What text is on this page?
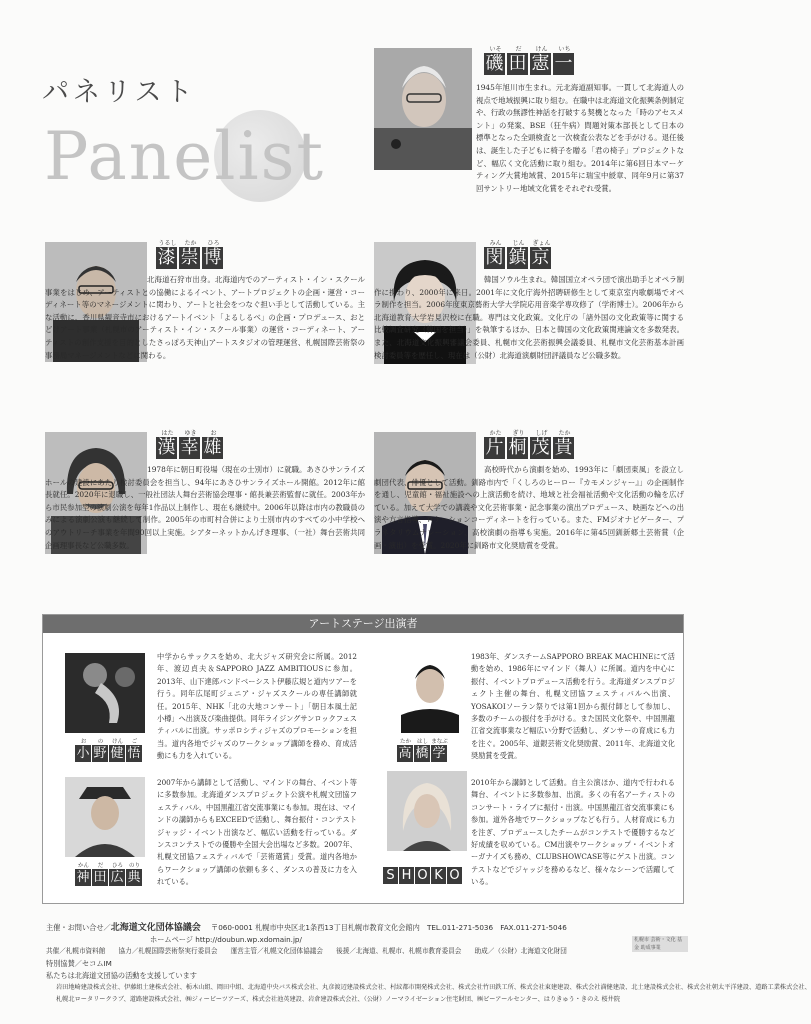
パネリスト
Panelist
いそ	だ	けん	いち
磯 田 憲 一
1945年旭川市生まれ。元北海道副知事。一貫して北海道人の視点で地域振興に取り組む。在職中は北海道文化振興条例制定や、行政の無謬性神話を打破する契機となった「時のアセスメント」の発案、BSE（狂牛病）問題対策本部長として日本の標準となった全頭検査と一次検査公表などを手がける。退任後は、誕生した子どもに椅子を贈る「君の椅子」プロジェクトなど、幅広く文化活動に取り組む。2014年に第6回日本マーケティング大賞地域賞、2015年に瑞宝中綬章、同年9月に第37回サントリー地域文化賞をそれぞれ受賞。
うるし	たか	ひろ
漆 崇 博
北海道石狩市出身。北海道内でのアーティスト・イン・スクール事業をはじめ、アーティストとの協働によるイベント、アートプロジェクトの企画・運営・コーディネート等のマネージメントに関わり、アートと社会をつなぐ担い手として活動している。主な活動に、香川県観音寺市におけるアートイベント「よるしるべ」の企画・プロデュース、おとどけアート事業（札幌市のアーティスト・イン・スクール事業）の運営・コーディネート、アーティストの創作支援を目的としたさっぽろ天神山アートスタジオの管理運営、札幌国際芸術祭の事務局マネージメントなどに関わる。
みん	じん	ぎょん
閔 鎮 京
韓国ソウル生まれ。韓国国立オペラ団で演出助手とオペラ制作に携わり、2000年に来日。2001年に文化庁海外招聘研修生として東京室内歌劇場でオペラ制作を担当。2006年度東京藝術大学大学院応用音楽学専攻修了（学術博士）。2006年から北海道教育大学岩見沢校に在職。専門は文化政策。文化庁の「諸外国の文化政策等に関する比較調査研究（韓国を担当）」を執筆するほか、日本と韓国の文化政策関連論文を多数発表。また、北海道文化振興審議会委員、札幌市文化芸術振興会議委員、札幌市文化芸術基本計画検討委員等を歴任し、現在は（公財）北海道演劇財団評議員など公職多数。
はた	ゆき	お
漢 幸 雄
1978年に朝日町役場（現在の士別市）に就職。あさひサンライズホールの建設にあたり検討委員会を担当し、94年にあさひサンライズホール開館。2012年に館長就任。2020年に退職し、一般社団法人舞台芸術協会理事・館長兼芸術監督に就任。2003年から市民参加型の演劇公演を毎年1作品以上制作し、現在も継続中。2006年以降は市内の教職員のみによる演劇公演も継続して制作。2005年の市町村合併により士別市内のすべての小中学校へのアウトリーチ事業を年間90回以上実施。シアターネットかんげき理事、（一社）舞台芸術共同企画理事長など公職多数。
かた	ぎり	しげ	たか
片 桐 茂 貴
高校時代から演劇を始め、1993年に「劇団東風」を設立し劇団代表、俳優として活動。釧路市内で「くしろのヒーロー『カモメンジャー』」の企画制作を通し、児童館・福祉施設への上演活動を続け、地域と社会福祉活動や文化活動の輪を広げている。加えて大学での講義や文化芸術事業・記念事業の演出プロデュース、映画などへの出演や方言指導、ロケーションコーディネートを行っている。また、FMジオナビゲーター、プラネタリウムナレーション、高校演劇の指導も実施。2016年に第45回釧新郷土芸術賞（企画・演出）を受賞。2020年に釧路市文化奨励賞を受賞。
アートステージ出演者
お	の	けん	ご
小 野 健 悟
中学からサックスを始め、北大ジャズ研究会に所属。2012年、渡辺貞夫＆SAPPORO JAZZ AMBITIOUSに参加。2013年、山下達郎バンドベーシスト伊藤広規と道内ツアーを行う。同年広尾町ジュニア・ジャズスクールの専任講師就任。2015年、NHK「北の大地コンサート」「朝日本風土記　小樽」へ出演及び楽曲提供。同年ライジングサンロックフェスティバルに出演。サッポロシティジャズのプロモーションを担当。道内各地でジャズのワークショップ講師を務め、育成活動にも力を入れている。
たか	はし まなぶ
高 橋 学
1983年、ダンスチームSAPPORO BREAK MACHINEにて活動を始め、1986年にマインド（舞人）に所属。道内を中心に振付、イベントプロデュース活動を行う。北海道ダンスプロジェクト主催の舞台、札幌文団協フェスティバルへ出演、YOSAKOIソーラン祭りでは第1回から振付師として参加し、多数のチームの振付を手がける。また国民文化祭や、中国黒龍江省交流事業など幅広い分野で活動し、ダンサーの育成にも力を注ぐ。2005年、道銀芸術文化奨励賞、2011年、北海道文化奨励賞を受賞。
かん	だ	ひろ	のり
神 田 広 典
2007年から講師として活動し、マインドの舞台、イベント等に多数参加。北海道ダンスプロジェクト公演や札幌文団協フェスティバル、中国黒龍江省交流事業にも参加。現在は、マインドの講師からもEXCEEDで活動し、舞台振付・コンテストジャッジ・イベント出演など、幅広い活動を行っている。ダンスコンテストでの優勝や全国大会出場など多数。2007年、札幌文団協フェスティバルで「芸術選賞」受賞。道内各地からワークショップ講師の依頼も多く、ダンスの普及に力を入れている。	S H O K O
2010年から講師として活動。自主公演ほか、道内で行われる舞台、イベントに多数参加、出演。多くの有名アーティストのコンサート・ライブに振付・出演。中国黒龍江省交流事業にも参加。道外各地でワークショップなども行う。人材育成にも力を注ぎ、プロデュースしたチームがコンテストで優勝するなど好成績を収めている。CM出演やワークショップ・イベントオーガナイズも務め、CLUBSHOWCASE等にゲスト出演。コンテストなどでジャッジを務めるなど、様々なシーンで活躍している。
主催・お問い合せ／北海道文化団体協議会 〒060-0001 札幌市中央区北1条西13丁目札幌市教育文化会館内　TEL.011-271-5036　FAX.011-271-5046
ホームページ http://doubun.wp.xdomain.jp/
共催／札幌市資料館　　協力／札幌国際芸術祭実行委員会　　運営主管／札幌文化団体協議会　　後援／北海道、札幌市、札幌市教育委員会　　助成／（公財）北海道文化財団
特別協賛／セコムIM
私たちは北海道文団協の活動を支援しています
岩田地崎建設株式会社、伊藤組土建株式会社、栃木山組、岡田中組、北海道中央バス株式会社、丸彦渡辺建設株式会社、村紋都市開発株式会社、株式会社竹田鉄工所、株式会社東建建設、株式会社満健建設、北土建設株式会社、株式会社朝太平洋建設、道路工業株式会社、
札幌北ロータリークラブ、道路建設株式会社、㈱ジィービーツアーズ、株式会社池英建設、岩倉建設株式会社、（公財）ノーマライゼーション住宅財団、㈱ビーアールセンター、はりきゅう・きのえ 桜井院
札幌市 芸術・文化 基金 助成事業
